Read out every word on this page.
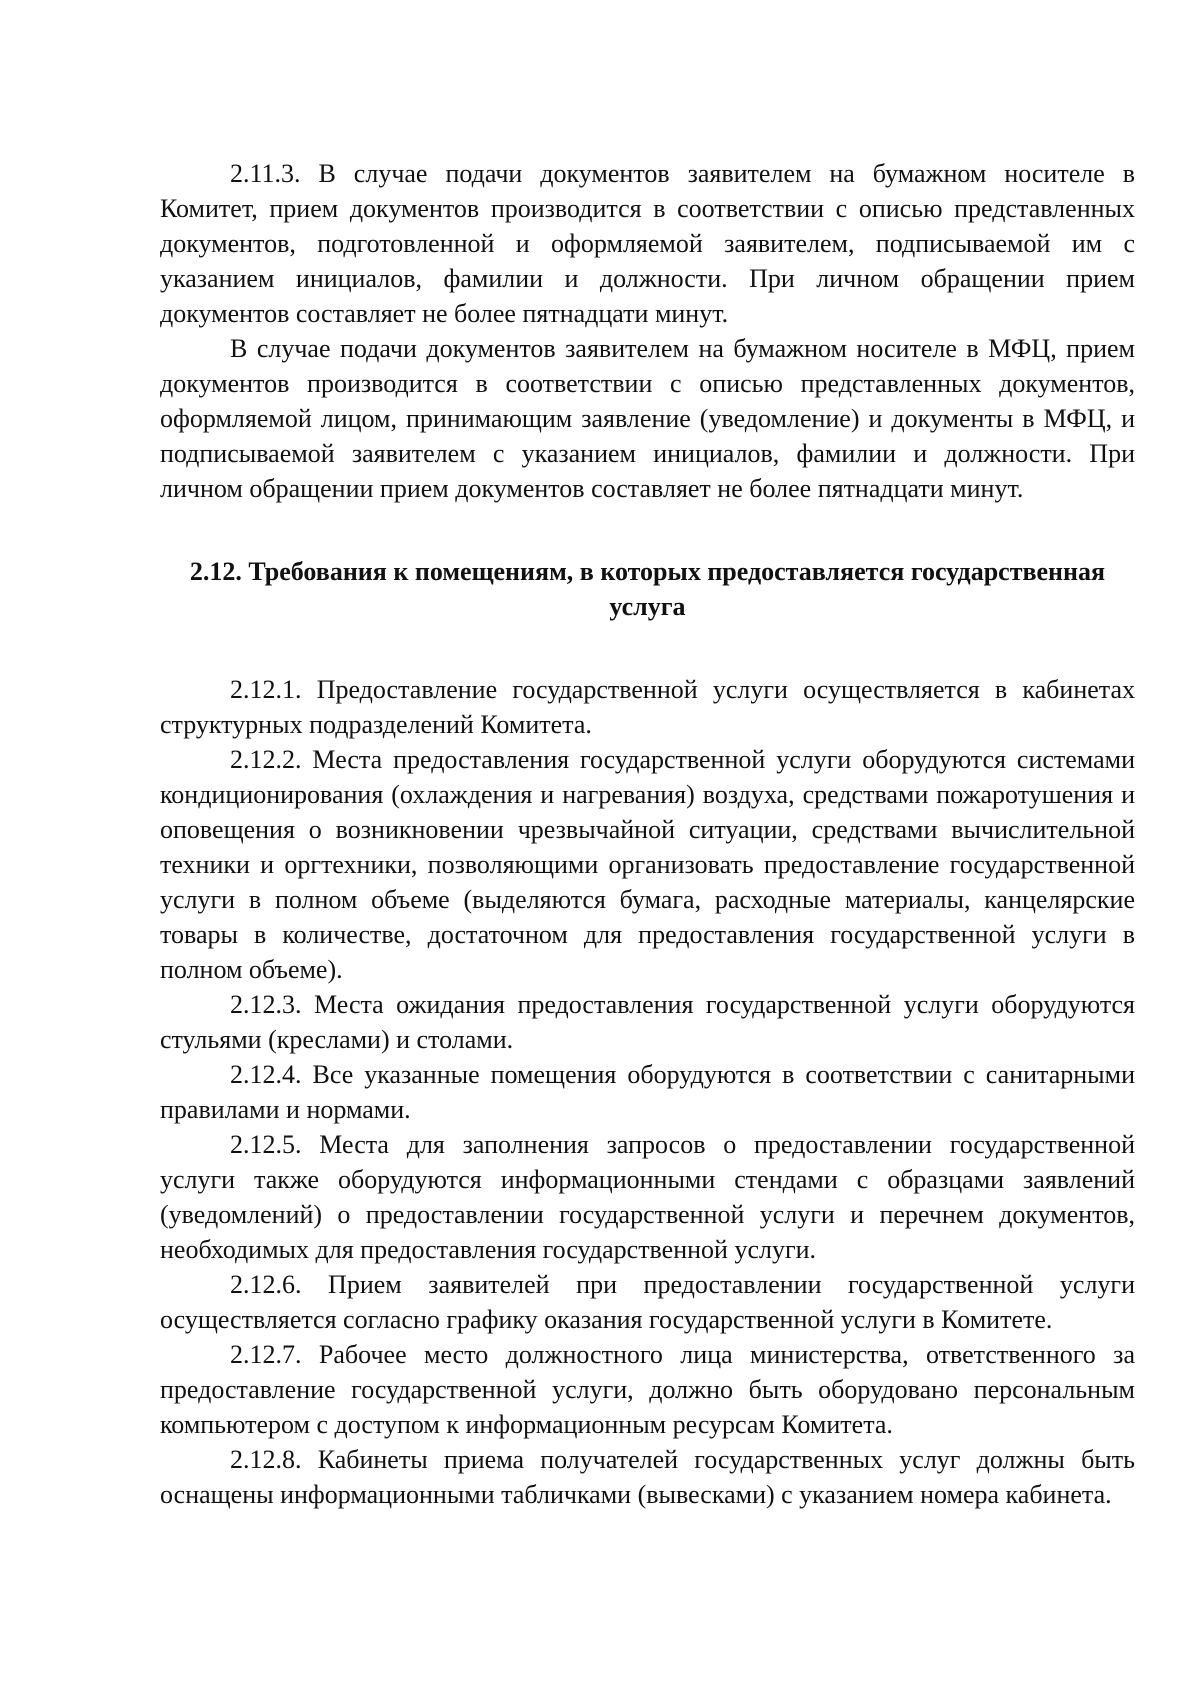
2.11.3. В случае подачи документов заявителем на бумажном носителе в Комитет, прием документов производится в соответствии с описью представленных документов, подготовленной и оформляемой заявителем, подписываемой им с указанием инициалов, фамилии и должности. При личном обращении прием документов составляет не более пятнадцати минут.

В случае подачи документов заявителем на бумажном носителе в МФЦ, прием документов производится в соответствии с описью представленных документов, оформляемой лицом, принимающим заявление (уведомление) и документы в МФЦ, и подписываемой заявителем с указанием инициалов, фамилии и должности. При личном обращении прием документов составляет не более пятнадцати минут.

2.12. Требования к помещениям, в которых предоставляется государственная услуга

2.12.1. Предоставление государственной услуги осуществляется в кабинетах структурных подразделений Комитета.

2.12.2. Места предоставления государственной услуги оборудуются системами кондиционирования (охлаждения и нагревания) воздуха, средствами пожаротушения и оповещения о возникновении чрезвычайной ситуации, средствами вычислительной техники и оргтехники, позволяющими организовать предоставление государственной услуги в полном объеме (выделяются бумага, расходные материалы, канцелярские товары в количестве, достаточном для предоставления государственной услуги в полном объеме).

2.12.3. Места ожидания предоставления государственной услуги оборудуются стульями (креслами) и столами.

2.12.4. Все указанные помещения оборудуются в соответствии с санитарными правилами и нормами.

2.12.5. Места для заполнения запросов о предоставлении государственной услуги также оборудуются информационными стендами с образцами заявлений (уведомлений) о предоставлении государственной услуги и перечнем документов, необходимых для предоставления государственной услуги.

2.12.6. Прием заявителей при предоставлении государственной услуги осуществляется согласно графику оказания государственной услуги в Комитете.

2.12.7. Рабочее место должностного лица министерства, ответственного за предоставление государственной услуги, должно быть оборудовано персональным компьютером с доступом к информационным ресурсам Комитета.

2.12.8. Кабинеты приема получателей государственных услуг должны быть оснащены информационными табличками (вывесками) с указанием номера кабинета.
